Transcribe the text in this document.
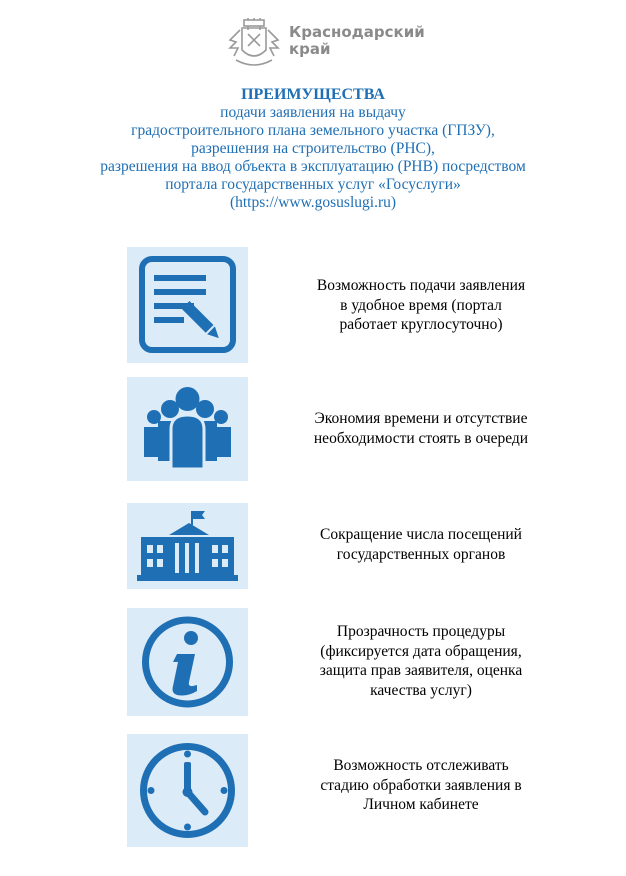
Краснодарский
край
ПРЕИМУЩЕСТВА
подачи заявления на выдачу
градостроительного плана земельного участка (ГПЗУ),
разрешения на строительство (РНС),
разрешения на ввод объекта в эксплуатацию (РНВ) посредством
портала государственных услуг «Госуслуги»
(https://www.gosuslugi.ru)
Возможность подачи заявления
в удобное время (портал
работает круглосуточно)
Экономия времени и отсутствие
необходимости стоять в очереди
Сокращение числа посещений
государственных органов
Прозрачность процедуры
(фиксируется дата обращения,
защита прав заявителя, оценка
качества услуг)
Возможность отслеживать
стадию обработки заявления в
Личном кабинете
